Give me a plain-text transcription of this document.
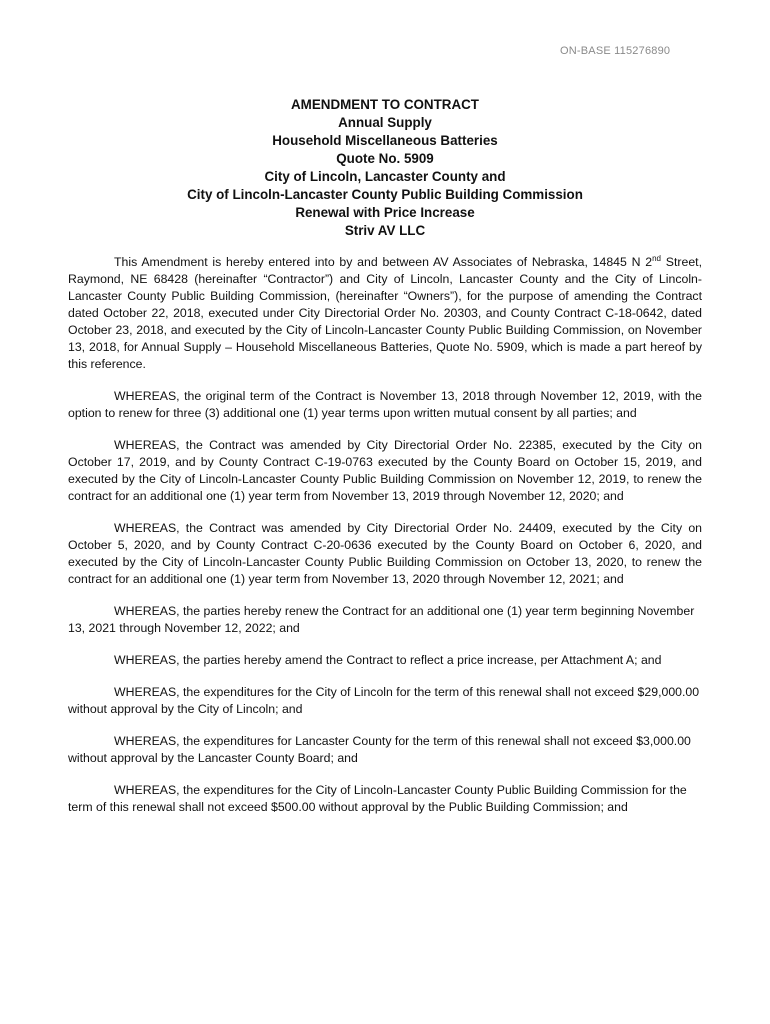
ON-BASE 115276890
AMENDMENT TO CONTRACT
Annual Supply
Household Miscellaneous Batteries
Quote No. 5909
City of Lincoln, Lancaster County and
City of Lincoln-Lancaster County Public Building Commission
Renewal with Price Increase
Striv AV LLC

This Amendment is hereby entered into by and between AV Associates of Nebraska, 14845 N 2nd Street, Raymond, NE 68428 (hereinafter “Contractor”) and City of Lincoln, Lancaster County and the City of Lincoln-Lancaster County Public Building Commission, (hereinafter “Owners”), for the purpose of amending the Contract dated October 22, 2018, executed under City Directorial Order No. 20303, and County Contract C-18-0642, dated October 23, 2018, and executed by the City of Lincoln-Lancaster County Public Building Commission, on November 13, 2018, for Annual Supply – Household Miscellaneous Batteries, Quote No. 5909, which is made a part hereof by this reference.

WHEREAS, the original term of the Contract is November 13, 2018 through November 12, 2019, with the option to renew for three (3) additional one (1) year terms upon written mutual consent by all parties; and

WHEREAS, the Contract was amended by City Directorial Order No. 22385, executed by the City on October 17, 2019, and by County Contract C-19-0763 executed by the County Board on October 15, 2019, and executed by the City of Lincoln-Lancaster County Public Building Commission on November 12, 2019, to renew the contract for an additional one (1) year term from November 13, 2019 through November 12, 2020; and

WHEREAS, the Contract was amended by City Directorial Order No. 24409, executed by the City on October 5, 2020, and by County Contract C-20-0636 executed by the County Board on October 6, 2020, and executed by the City of Lincoln-Lancaster County Public Building Commission on October 13, 2020, to renew the contract for an additional one (1) year term from November 13, 2020 through November 12, 2021; and

WHEREAS, the parties hereby renew the Contract for an additional one (1) year term beginning November 13, 2021 through November 12, 2022; and

WHEREAS, the parties hereby amend the Contract to reflect a price increase, per Attachment A; and

WHEREAS, the expenditures for the City of Lincoln for the term of this renewal shall not exceed $29,000.00 without approval by the City of Lincoln; and

WHEREAS, the expenditures for Lancaster County for the term of this renewal shall not exceed $3,000.00 without approval by the Lancaster County Board; and

WHEREAS, the expenditures for the City of Lincoln-Lancaster County Public Building Commission for the term of this renewal shall not exceed $500.00 without approval by the Public Building Commission; and
